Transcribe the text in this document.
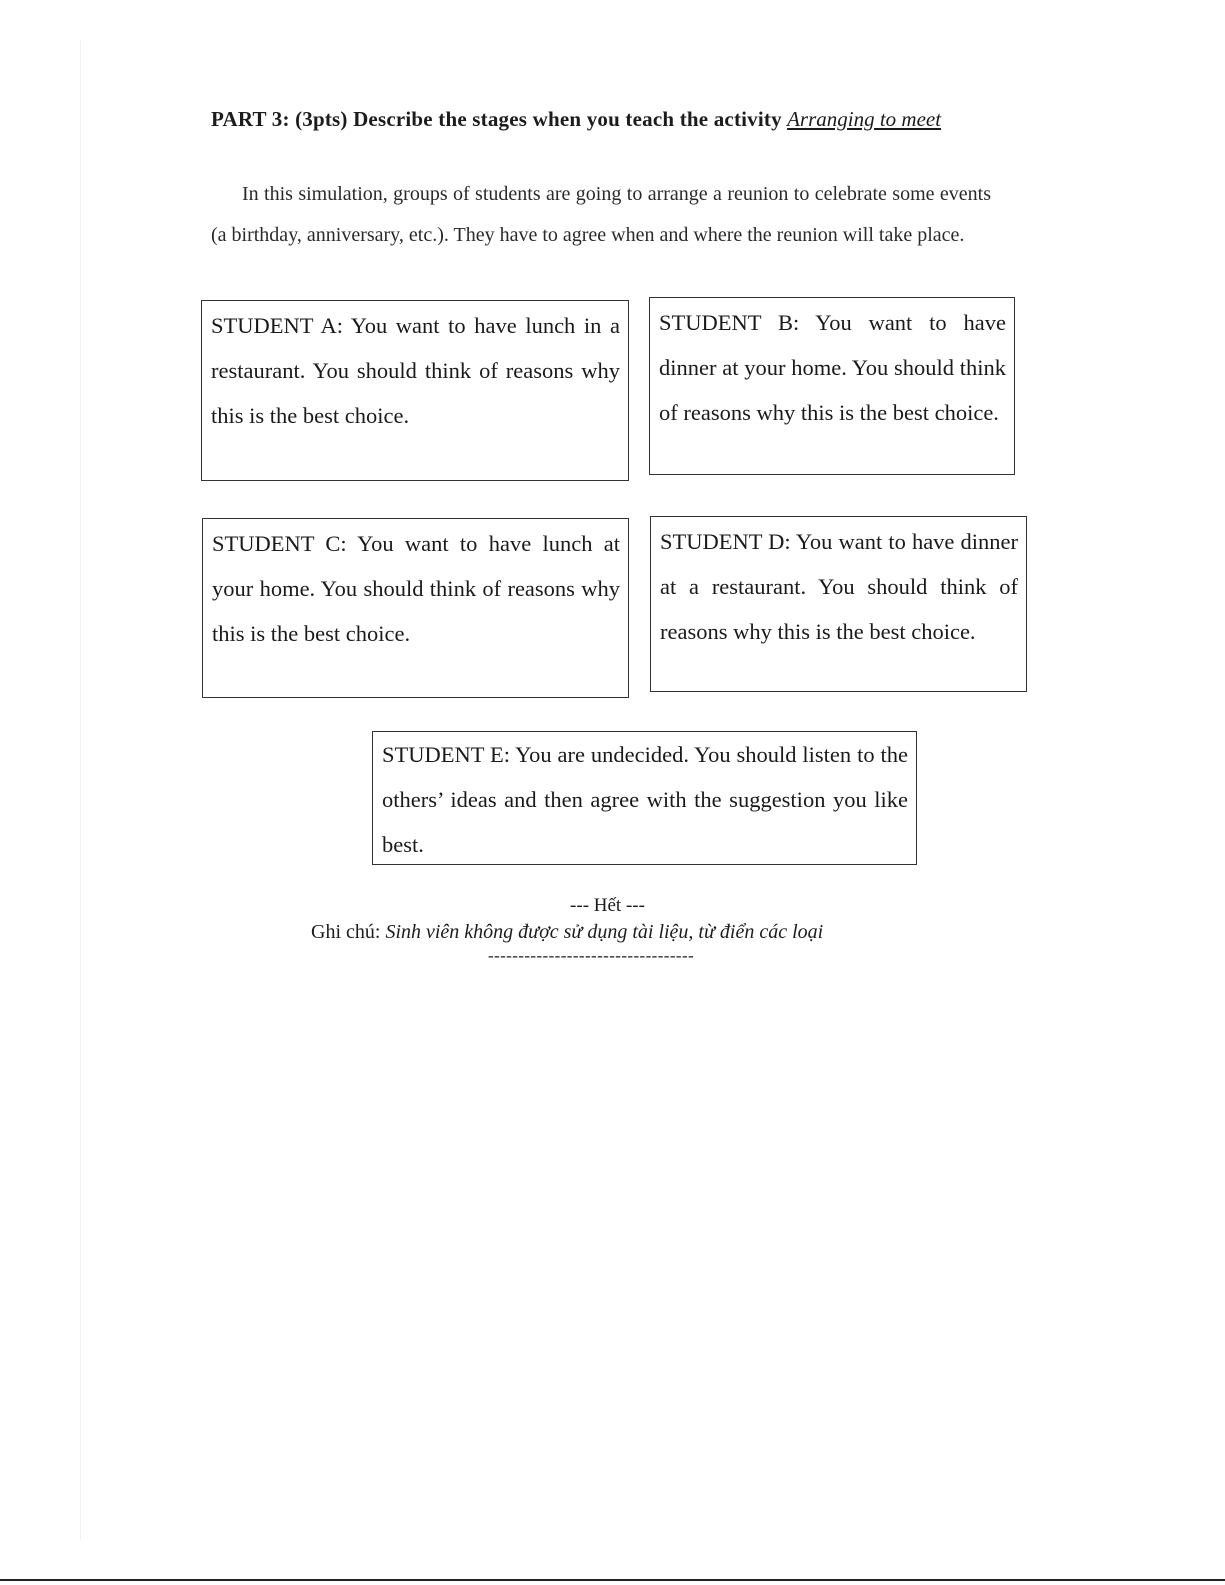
PART 3: (3pts) Describe the stages when you teach the activity Arranging to meet
In this simulation, groups of students are going to arrange a reunion to celebrate some events (a birthday, anniversary, etc.). They have to agree when and where the reunion will take place.
STUDENT A: You want to have lunch in a restaurant. You should think of reasons why this is the best choice.
STUDENT B: You want to have dinner at your home. You should think of reasons why this is the best choice.
STUDENT C: You want to have lunch at your home. You should think of reasons why this is the best choice.
STUDENT D: You want to have dinner at a restaurant. You should think of reasons why this is the best choice.
STUDENT E: You are undecided. You should listen to the others’ ideas and then agree with the suggestion you like best.
--- Hết ---
Ghi chú: Sinh viên không được sử dụng tài liệu, từ điển các loại
----------------------------------
